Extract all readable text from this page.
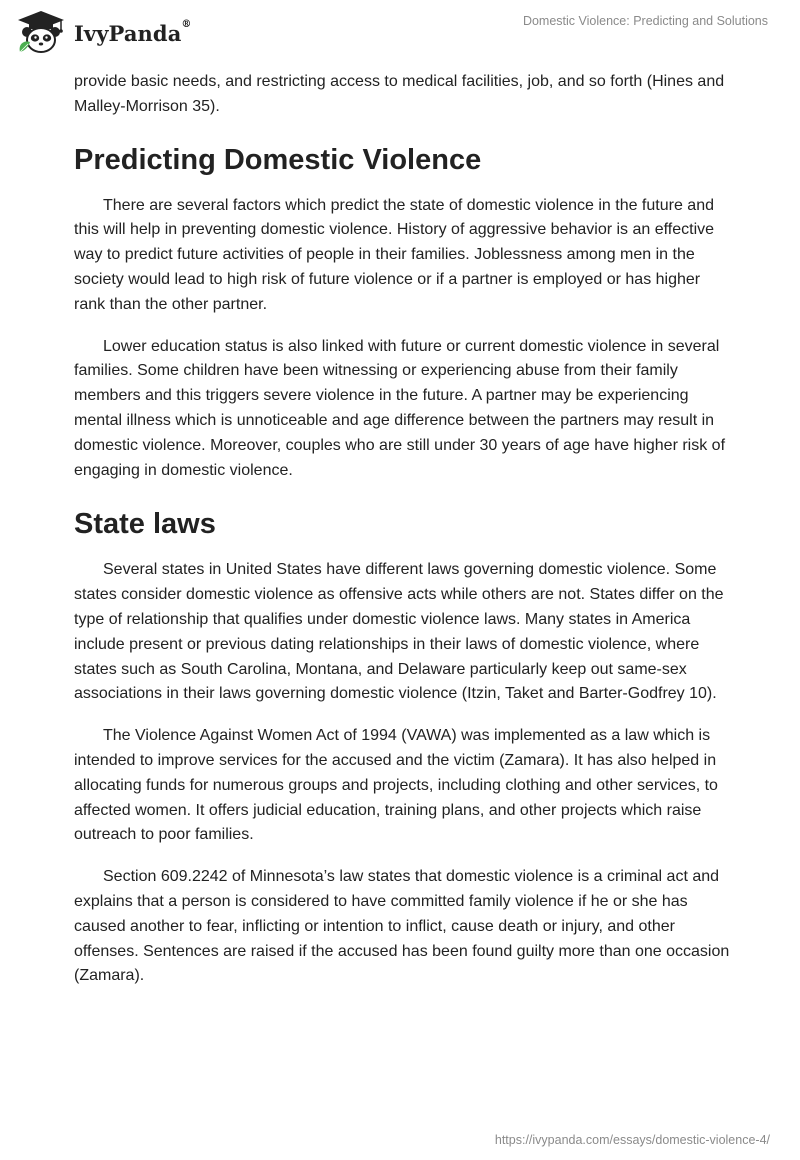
IvyPanda®	Domestic Violence: Predicting and Solutions

provide basic needs, and restricting access to medical facilities, job, and so forth (Hines and Malley-Morrison 35).

Predicting Domestic Violence

There are several factors which predict the state of domestic violence in the future and this will help in preventing domestic violence. History of aggressive behavior is an effective way to predict future activities of people in their families. Joblessness among men in the society would lead to high risk of future violence or if a partner is employed or has higher rank than the other partner.

Lower education status is also linked with future or current domestic violence in several families. Some children have been witnessing or experiencing abuse from their family members and this triggers severe violence in the future. A partner may be experiencing mental illness which is unnoticeable and age difference between the partners may result in domestic violence. Moreover, couples who are still under 30 years of age have higher risk of engaging in domestic violence.

State laws

Several states in United States have different laws governing domestic violence. Some states consider domestic violence as offensive acts while others are not. States differ on the type of relationship that qualifies under domestic violence laws. Many states in America include present or previous dating relationships in their laws of domestic violence, where states such as South Carolina, Montana, and Delaware particularly keep out same-sex associations in their laws governing domestic violence (Itzin, Taket and Barter-Godfrey 10).

The Violence Against Women Act of 1994 (VAWA) was implemented as a law which is intended to improve services for the accused and the victim (Zamara). It has also helped in allocating funds for numerous groups and projects, including clothing and other services, to affected women. It offers judicial education, training plans, and other projects which raise outreach to poor families.

Section 609.2242 of Minnesota’s law states that domestic violence is a criminal act and explains that a person is considered to have committed family violence if he or she has caused another to fear, inflicting or intention to inflict, cause death or injury, and other offenses. Sentences are raised if the accused has been found guilty more than one occasion (Zamara).

https://ivypanda.com/essays/domestic-violence-4/
